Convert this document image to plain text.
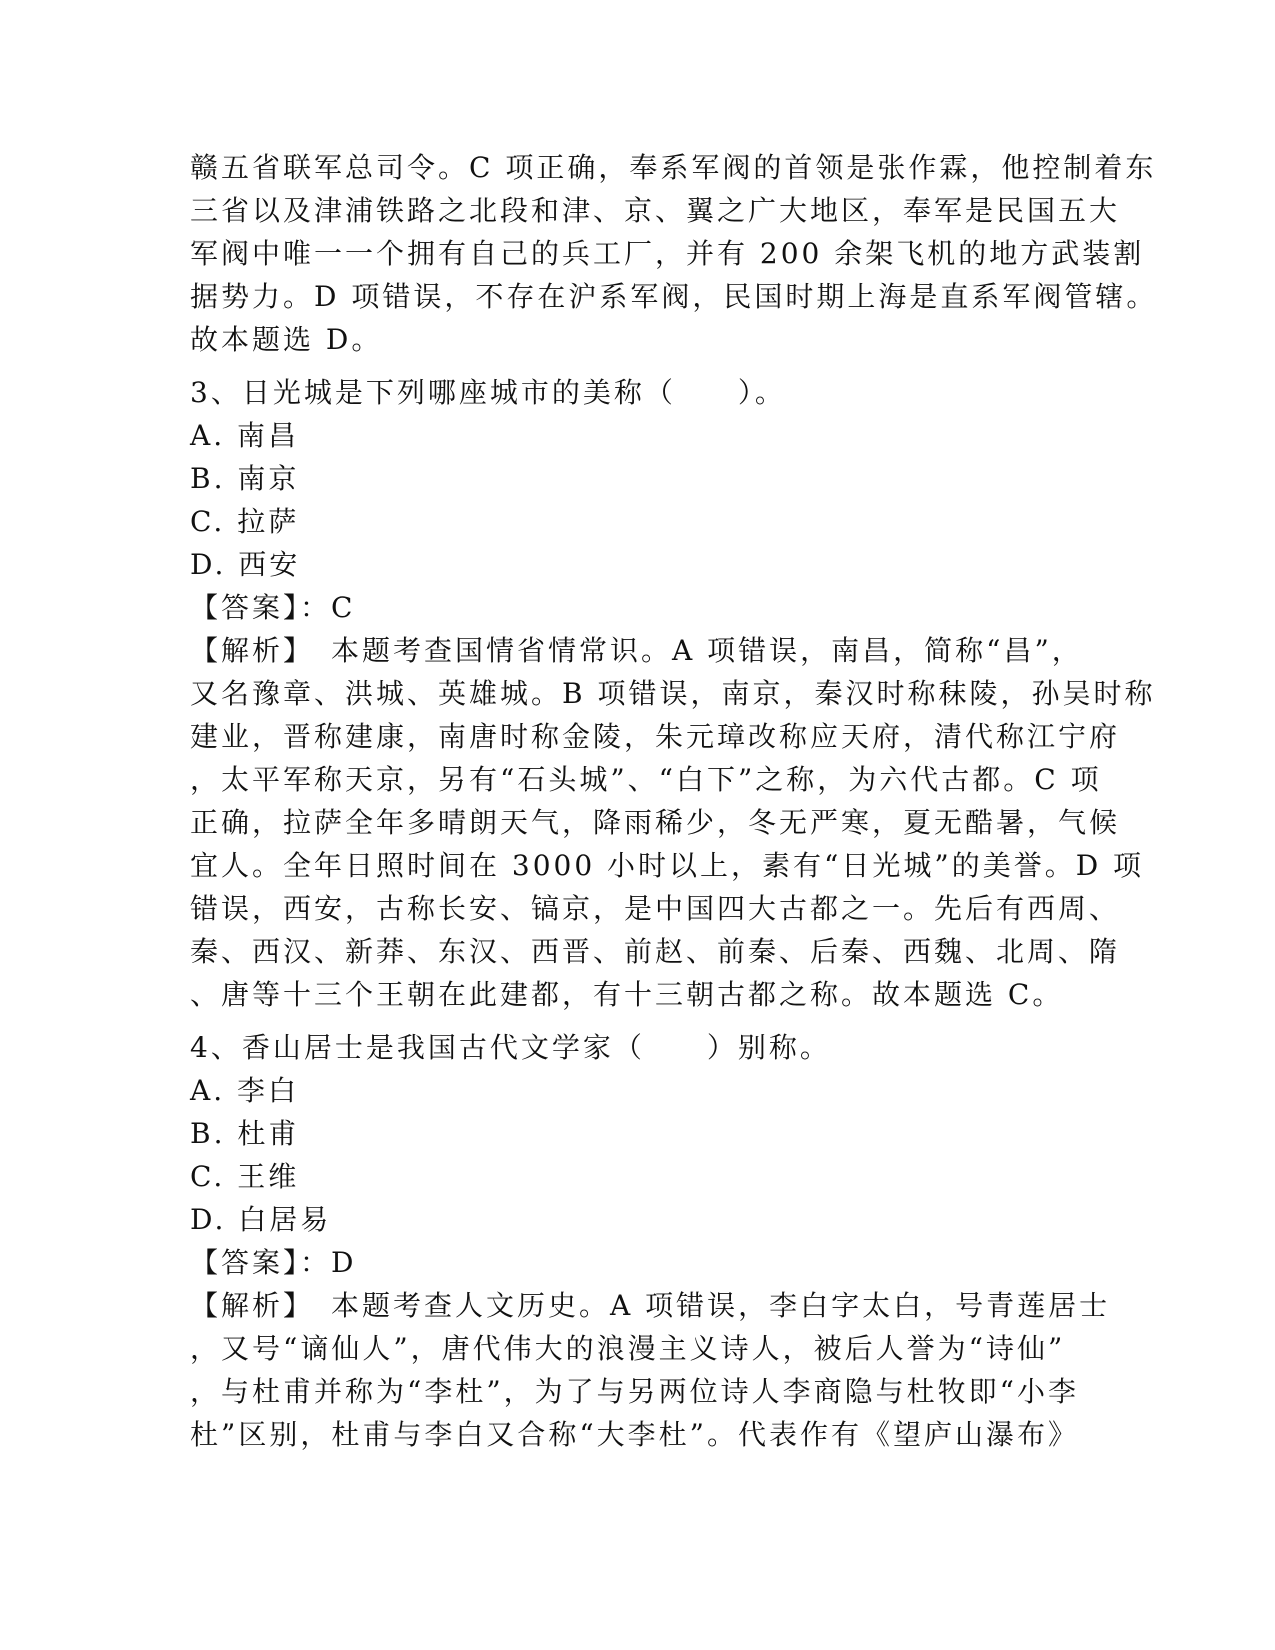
赣五省联军总司令。C 项正确，奉系军阀的首领是张作霖，他控制着东
三省以及津浦铁路之北段和津、京、翼之广大地区，奉军是民国五大
军阀中唯一一个拥有自己的兵工厂，并有 200 余架飞机的地方武装割
据势力。D 项错误，不存在沪系军阀，民国时期上海是直系军阀管辖。
故本题选 D。
3、日光城是下列哪座城市的美称（　　）。
A. 南昌
B. 南京
C. 拉萨
D. 西安
【答案】：C
【解析】　本题考查国情省情常识。A 项错误，南昌，简称“昌”，
又名豫章、洪城、英雄城。B 项错误，南京，秦汉时称秣陵，孙吴时称
建业，晋称建康，南唐时称金陵，朱元璋改称应天府，清代称江宁府
，太平军称天京，另有“石头城”、“白下”之称，为六代古都。C 项
正确，拉萨全年多晴朗天气，降雨稀少，冬无严寒，夏无酷暑，气候
宜人。全年日照时间在 3000 小时以上，素有“日光城”的美誉。D 项
错误，西安，古称长安、镐京，是中国四大古都之一。先后有西周、
秦、西汉、新莽、东汉、西晋、前赵、前秦、后秦、西魏、北周、隋
、唐等十三个王朝在此建都，有十三朝古都之称。故本题选 C。
4、香山居士是我国古代文学家（　　）别称。
A. 李白
B. 杜甫
C. 王维
D. 白居易
【答案】：D
【解析】　本题考查人文历史。A 项错误，李白字太白，号青莲居士
，又号“谪仙人”，唐代伟大的浪漫主义诗人，被后人誉为“诗仙”
，与杜甫并称为“李杜”，为了与另两位诗人李商隐与杜牧即“小李
杜”区别，杜甫与李白又合称“大李杜”。代表作有《望庐山瀑布》
